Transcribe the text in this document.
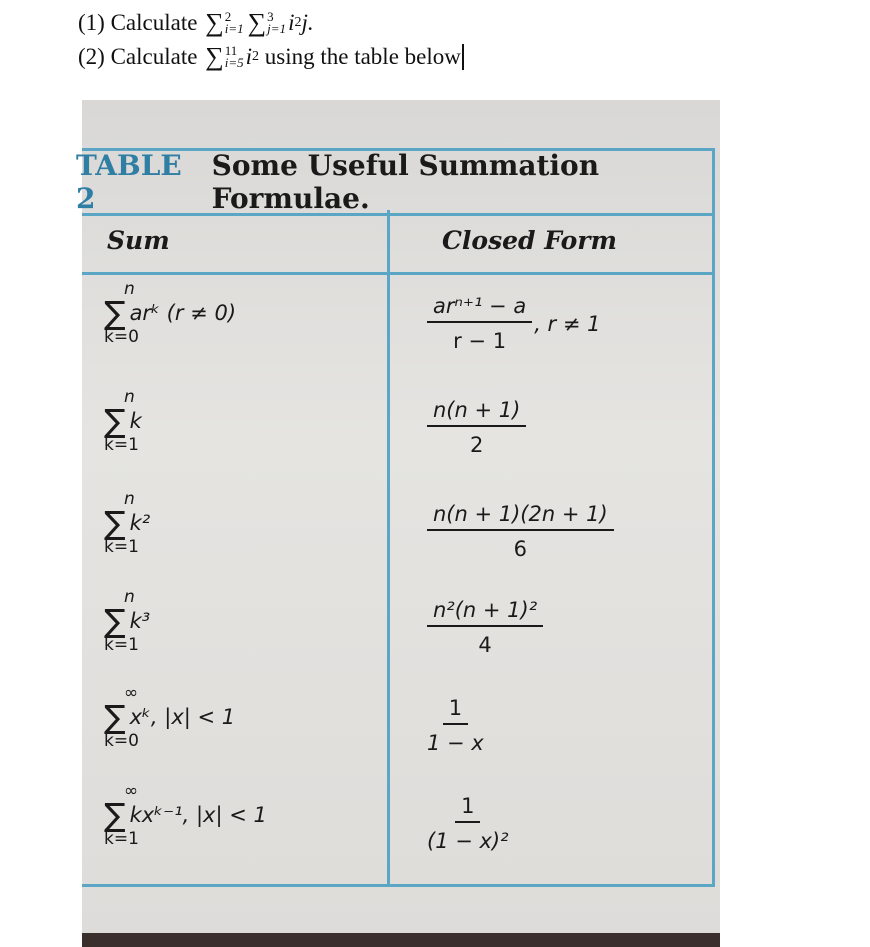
(1)
Calculate
∑ 2
i=1 ∑ 3
j=1 i 2 j.
(2)
Calculate
∑ 11
i=5 i 2
using the table below
TABLE 2
Some Useful Summation Formulae.
Sum	Closed Form
n
∑ arᵏ (r ≠ 0)
k=0	$\frac{\text{arⁿ⁺¹ − a}}{r - 1}$ , r ≠ 1
n
∑ k
k=1	$\frac{n(n + 1)}{2}$
n
∑ k²
k=1	$\frac{n(n + 1)(2n + 1)}{6}$
n
∑ k³
k=1	$\frac{\text{n²(n + 1)²}}{4}$
∞
∑ xᵏ, |x| < 1
k=0	$\frac{1}{1 - x}$
∞
∑ kxᵏ⁻¹, |x| < 1
k=1	$\frac{1}{\text{(1 − x)²}}$
